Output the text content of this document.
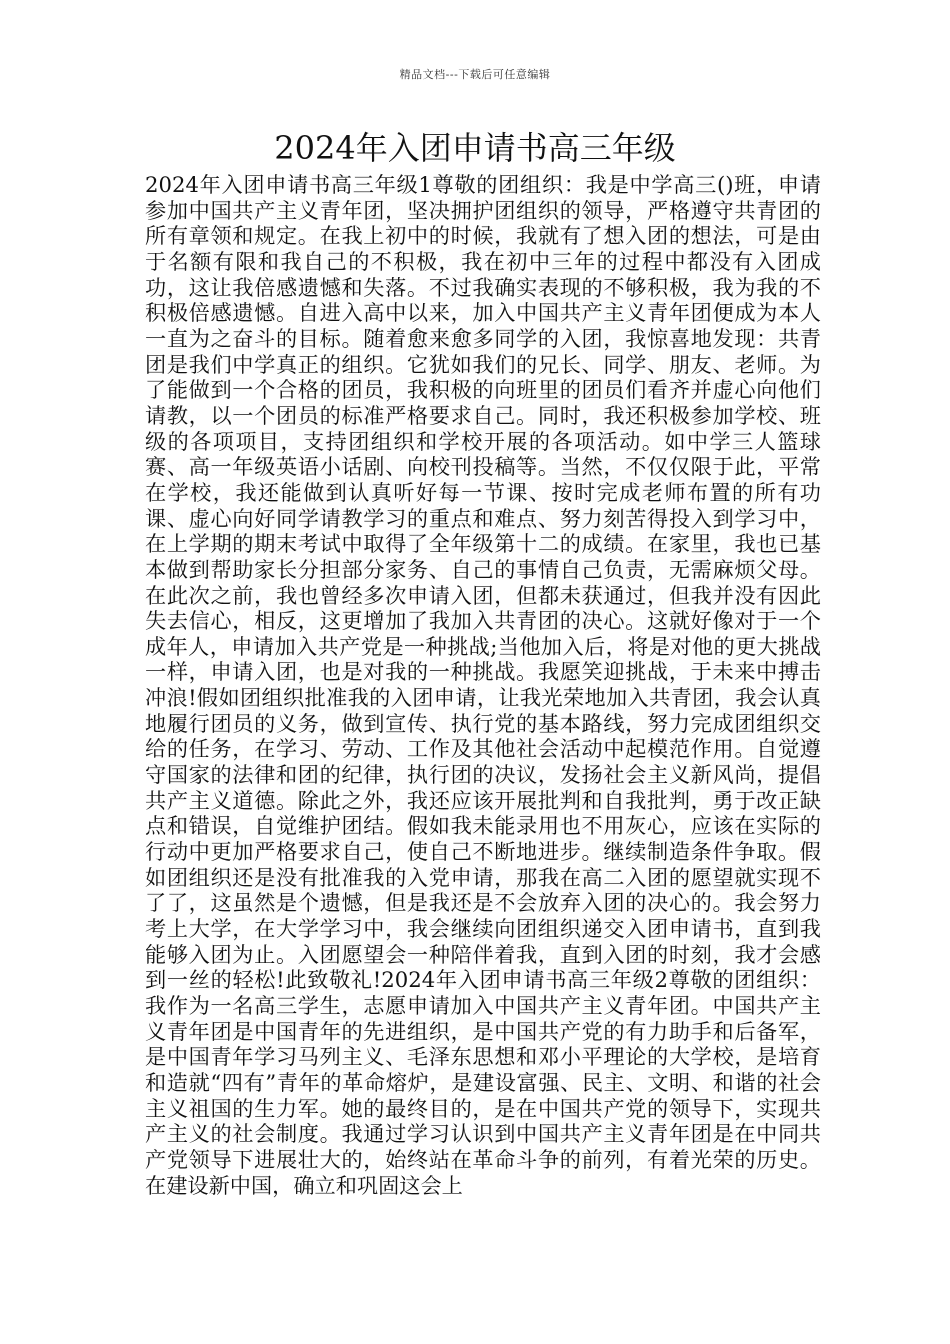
精品文档---下载后可任意编辑
2024年入团申请书高三年级

2024年入团申请书高三年级1尊敬的团组织：我是中学高三()班，申请参加中国共产主义青年团，坚决拥护团组织的领导，严格遵守共青团的所有章领和规定。在我上初中的时候，我就有了想入团的想法，可是由于名额有限和我自己的不积极，我在初中三年的过程中都没有入团成功，这让我倍感遗憾和失落。不过我确实表现的不够积极，我为我的不积极倍感遗憾。自进入高中以来，加入中国共产主义青年团便成为本人一直为之奋斗的目标。随着愈来愈多同学的入团，我惊喜地发现：共青团是我们中学真正的组织。它犹如我们的兄长、同学、朋友、老师。为了能做到一个合格的团员，我积极的向班里的团员们看齐并虚心向他们请教，以一个团员的标准严格要求自己。同时，我还积极参加学校、班级的各项项目，支持团组织和学校开展的各项活动。如中学三人篮球赛、高一年级英语小话剧、向校刊投稿等。当然，不仅仅限于此，平常在学校，我还能做到认真听好每一节课、按时完成老师布置的所有功课、虚心向好同学请教学习的重点和难点、努力刻苦得投入到学习中，在上学期的期末考试中取得了全年级第十二的成绩。在家里，我也已基本做到帮助家长分担部分家务、自己的事情自己负责，无需麻烦父母。在此次之前，我也曾经多次申请入团，但都未获通过，但我并没有因此失去信心，相反，这更增加了我加入共青团的决心。这就好像对于一个成年人，申请加入共产党是一种挑战;当他加入后，将是对他的更大挑战一样，申请入团，也是对我的一种挑战。我愿笑迎挑战，于未来中搏击冲浪!假如团组织批准我的入团申请，让我光荣地加入共青团，我会认真地履行团员的义务，做到宣传、执行党的基本路线，努力完成团组织交给的任务，在学习、劳动、工作及其他社会活动中起模范作用。自觉遵守国家的法律和团的纪律，执行团的决议，发扬社会主义新风尚，提倡共产主义道德。除此之外，我还应该开展批判和自我批判，勇于改正缺点和错误，自觉维护团结。假如我未能录用也不用灰心，应该在实际的行动中更加严格要求自己，使自己不断地进步。继续制造条件争取。假如团组织还是没有批准我的入党申请，那我在高二入团的愿望就实现不了了，这虽然是个遗憾，但是我还是不会放弃入团的决心的。我会努力考上大学，在大学学习中，我会继续向团组织递交入团申请书，直到我能够入团为止。入团愿望会一种陪伴着我，直到入团的时刻，我才会感到一丝的轻松!此致敬礼!2024年入团申请书高三年级2尊敬的团组织：我作为一名高三学生，志愿申请加入中国共产主义青年团。中国共产主义青年团是中国青年的先进组织，是中国共产党的有力助手和后备军，是中国青年学习马列主义、毛泽东思想和邓小平理论的大学校，是培育和造就“四有”青年的革命熔炉，是建设富强、民主、文明、和谐的社会主义祖国的生力军。她的最终目的，是在中国共产党的领导下，实现共产主义的社会制度。我通过学习认识到中国共产主义青年团是在中同共产党领导下进展壮大的，始终站在革命斗争的前列，有着光荣的历史。在建设新中国，确立和巩固这会上
